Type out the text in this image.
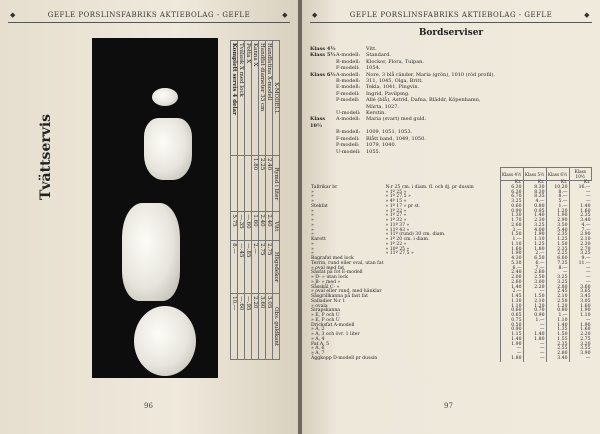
◆	GEFLE PORSLINSFABRIKS AKTIEBOLAG - GEFLE	◆
Tvättservis
X-MODELL	Rymd i liter	Vitt	Högsdekor	Obs. guldkant
Handfatina X-modell	2.40	2.40	2.75	3.05
Handfat diameter 33 cm	2.25	2.40	2.75	3.60
Kanna X	1.80	1.60	2.—	2.20
Potta X		—.60	—.85	—.95
Tvålask X med lock		—.35	—.45	—.60
Komplett servis 4 delar		5.75	8.—	10.—
96
◆	GEFLE PORSLINSFABRIKS AKTIEBOLAG - GEFLE	◆
Bordserviser
Klass 4½	Vitt.
Klass 5½ A-modell:	Standard.
B-modell:	Klockor, Flora, Tulpan.
F-modell:	1054.
Klass 6½ A-modell:	Nore, 3 blå ränder, Maria (grön), 1010 (röd profil).
B-modell:	311, 1045, Olga, Britt.
E-modell:	Tekla, 1041, Pingvin.
F-modell:	Ingrid, Pavilpmg.
P-modell:	Allé (blå), Astrid, Dafna, Bläddr, Köpenhamn,
Märta, 1027.
U-modell:	Kerstin.
Klass 10½
A-modell:	Maria (svart) med guld.
B-modell:	1009, 1051, 1053.
F-modell:	Blått band, 1049, 1050.
P-modell:	1079, 1040.
U-modell:	1055.
		Klass 4½	Klass 5½	Klass 6½	Klass 10½
		Kr.	Kr.	Kr.	Kr.
Tallrikar br	N:r 25 cm. i diam. fl. och dj. pr dussin	6.30	8.30	10.20	16.—
»	» 1º 25 »	6.30	8.30	8.—	—
»	» 1º 27,5 »	6.70	8.35	8.—	—
»	» 4º 15 »	3.25	4.—	5.—	—
Stekfat	» 1º 17 » pr st.	0.60	0.80	1.—	1.40
»	» 1º 22 »	0.90	0.95	1.20	1.60
»	» 1º 27 »	1.30	1.40	1.90	2.35
»	» 1º 32 »	1.70	2.30	2.90	3.40
»	» 11º 37 »	2.60	3.25	3.50	4.—
»	» 11º 43 »	3.—	4.00	5.40	7.—
»	» 11º (rund) 30 cm. diam.	1.50	1.90	2.35	2.90
Karott	» 1º 20 cm. i diam.	1.—	1.10	1.25	2.10
»	» 1º 22 »	1.10	1.25	1.50	2.30
»	» 10º 25 »	1.60	1.80	2.35	2.70
»	» 11º 27,5 »	1.90	2.—	2.25	3.25
Bagrafat med lock		4.30	6.50	6.60	9.—
Terrin, rund eller oval, utan fat		5.30	6.—	7.35	11.—
» oval med fat		6.—	7.—	8.—	—
Såsfat på fot E-modell		2.40	2.60	—	—
» D- » utan lock		2.00	2.50	3.25	—
» B- » med »		2.60	3.00	3.25	—
Såsskål C- »		1.40	2.20	2.80	3.60
» oval eller rund, med hänklar		2.—	—	2.45	3.65
Såsgrillkanna på fast fat		1.45	1.50	2.10	3.45
Salladier N:r 1		1.30	2.10	2.50	3.05
» ovala		1.10	1.20	1.20	1.60
Sirapskanna		0.60	0.70	0.80	1.90
» E, P och U		0.65	0.90	1.—	1.10
» E, P och U		0.75	1.—	1.10	—
Dricksfat A-modell		0.50	—	1.40	1.90
» A, 2		0.90	—	1.35	1.60
» A, 3 och övr. 1 liter		1.15	1.40	1.50	2.20
» A, 4		1.40	1.80	1.55	2.75
Fat A, 5		1.90	—	2.35	3.20
» A, 6		—	—	2.55	3.55
» A, 7		—	—	2.80	3.90
Äggkopp D-modell pr dussin		1.80	—	3.40	—
97
